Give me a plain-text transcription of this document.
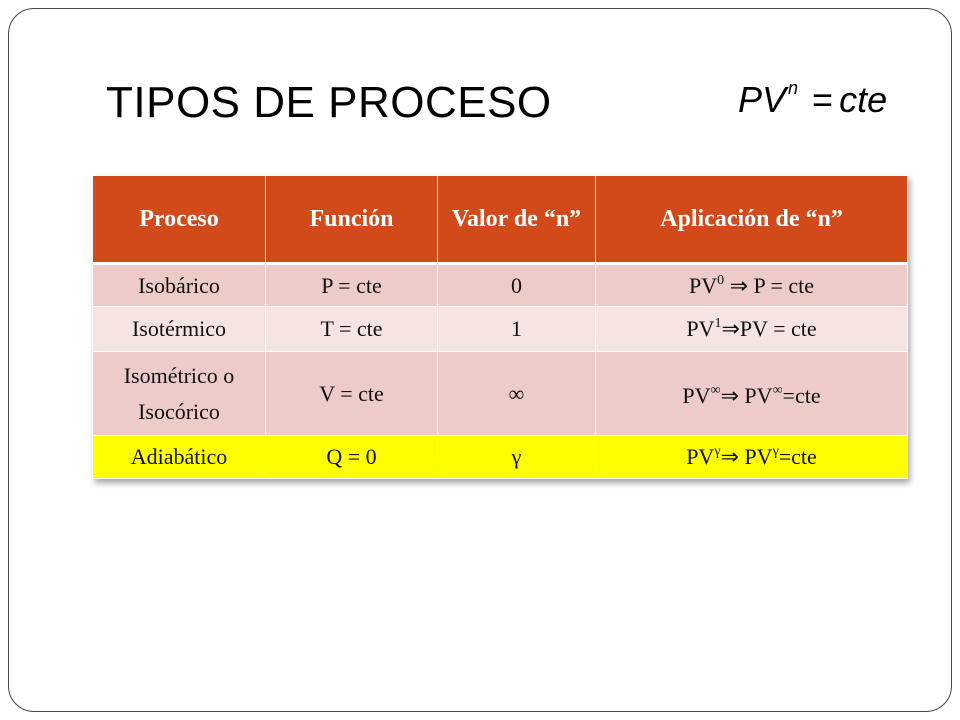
TIPOS DE PROCESO	PV $^n$ = cte
Proceso	Función	Valor de “n”	Aplicación de “n”
Isobárico	P = cte	0	$PV^0$ ⇒ P = cte
Isotérmico	T = cte	1	$PV^1\Rightarrow PV$ = cte
Isométrico o Isocórico	V = cte	∞	PV∞⇒ PV∞=cte
Adiabático	Q = 0	γ	$PV^\gamma\Rightarrow$ $PV^\gamma=cte$
